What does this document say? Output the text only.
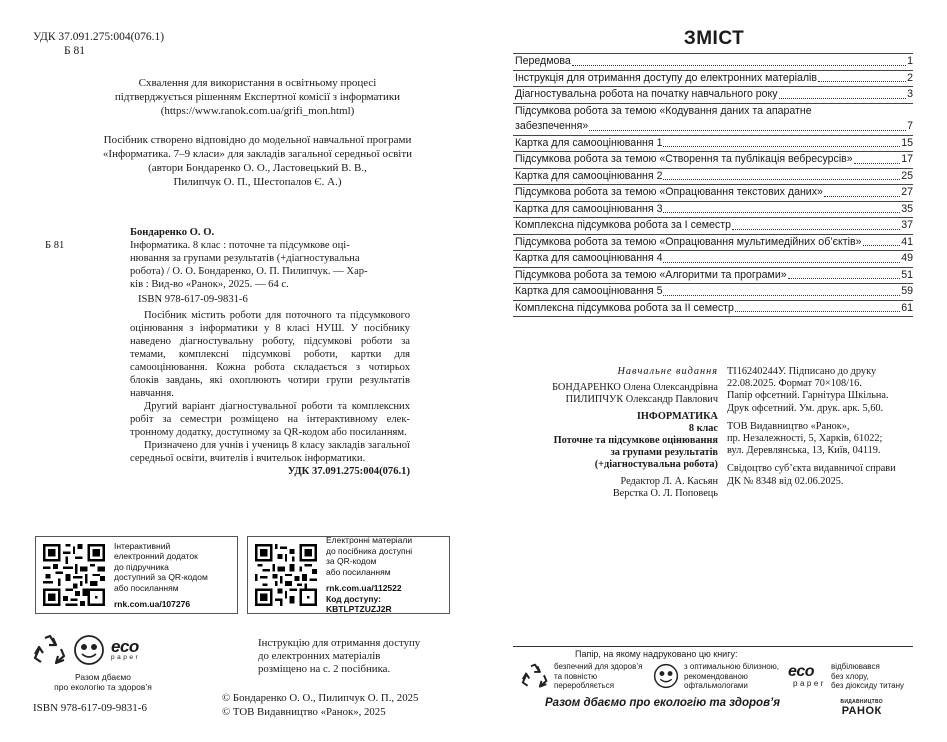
УДК 37.091.275:004(076.1)
Б 81
Схвалення для використання в освітньому процесі
підтверджується рішенням Експертної комісії з інформатики
(https://www.ranok.com.ua/grifi_mon.html)
Посібник створено відповідно до модельної навчальної програми
«Інформатика. 7–9 класи» для закладів загальної середньої освіти
(автори Бондаренко О. О., Ластовецький В. В.,
Пилипчук О. П., Шестопалов Є. А.)
Бондаренко О. О.
Б 81	Інформатика. 8 клас : поточне та підсумкове оці-
нювання за групами результатів (+діагностувальна
робота) / О. О. Бондаренко, О. П. Пилипчук. — Хар-
ків : Вид-во «Ранок», 2025. — 64 с.
ISBN 978-617-09-9831-6
Посібник містить роботи для поточного та підсумкового оцінювання з інформатики у 8 класі НУШ. У посібнику наведено діагностувальну роботу, підсумкові роботи за темами, комплексні підсумкові роботи, картки для самооцінювання. Кожна робота складається з чотирьох блоків завдань, які охоплюють чотири групи результатів навчання.
Другий варіант діагностувальної роботи та комплексних робіт за семестри розміщено на інтерактивному електронному додатку, доступному за QR-кодом або посиланням.
Призначено для учнів і учениць 8 класу закладів загальної середньої освіти, вчителів і вчительок інформатики.
УДК 37.091.275:004(076.1)
Інтерактивний
електронний додаток
до підручника
доступний за QR-кодом
або посиланням
rnk.com.ua/107276
Електронні матеріали
до посібника доступні
за QR-кодом
або посиланням
rnk.com.ua/112522
Код доступу: KBTLPTZUZJ2R
eco
paper
Разом дбаємо
про екологію та здоров’я
ISBN 978-617-09-9831-6
Інструкцію для отримання доступу
до електронних матеріалів
розміщено на с. 2 посібника.
© Бондаренко О. О., Пилипчук О. П., 2025
© ТОВ Видавництво «Ранок», 2025
ЗМІСТ
Передмова	1
Інструкція для отримання доступу до електронних матеріалів	2
Діагностувальна робота на початку навчального року	3
Підсумкова робота за темою «Кодування даних та апаратне
забезпечення»	7
Картка для самооцінювання 1	15
Підсумкова робота за темою «Створення та публікація вебресурсів»	17
Картка для самооцінювання 2	25
Підсумкова робота за темою «Опрацювання текстових даних»	27
Картка для самооцінювання 3	35
Комплексна підсумкова робота за I семестр	37
Підсумкова робота за темою «Опрацювання мультимедійних об’єктів»	41
Картка для самооцінювання 4	49
Підсумкова робота за темою «Алгоритми та програми»	51
Картка для самооцінювання 5	59
Комплексна підсумкова робота за II семестр	61
Навчальне видання
БОНДАРЕНКО Олена Олександрівна
ПИЛИПЧУК Олександр Павлович
ІНФОРМАТИКА
8 клас
Поточне та підсумкове оцінювання
за групами результатів
(+діагностувальна робота)
Редактор Л. А. Касьян
Верстка О. Л. Поповець
ТІ16240244У. Підписано до друку
22.08.2025. Формат 70×108/16.
Папір офсетний. Гарнітура Шкільна.
Друк офсетний. Ум. друк. арк. 5,60.
ТОВ Видавництво «Ранок»,
пр. Незалежності, 5, Харків, 61022;
вул. Деревлянська, 13, Київ, 04119.
Свідоцтво суб’єкта видавничої справи
ДК № 8348 від 02.06.2025.
Папір, на якому надруковано цю книгу:
безпечний для здоров’я
та повністю
переробляється
з оптимальною білизною,
рекомендованою
офтальмологами
eco
paper
відбілювався
без хлору,
без діоксиду титану
Разом дбаємо про екологію та здоров’я	ВИДАВНИЦТВО
РАНОК
